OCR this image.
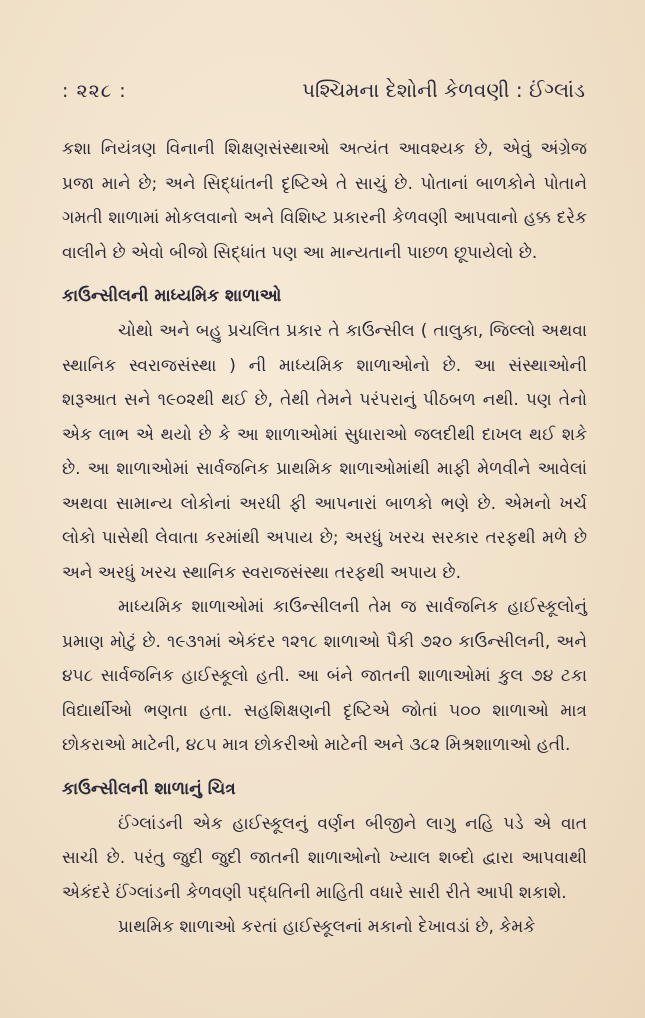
: ૨૨૮ :	પશ્ચિમના દેશોની કેળવણી : ઈંગ્લાંડ

કશા નિયંત્રણ વિનાની શિક્ષણસંસ્થાઓ અત્યંત આવશ્યક છે, એવું અંગ્રેજ પ્રજા માને છે; અને સિદ્ધાંતની દૃષ્ટિએ તે સાચું છે. પોતાનાં બાળકોને પોતાને ગમતી શાળામાં મોકલવાનો અને વિશિષ્ટ પ્રકારની કેળવણી આપવાનો હક્ક દરેક વાલીને છે એવો બીજો સિદ્ધાંત પણ આ માન્યતાની પાછળ છૂપાયેલો છે.

કાઉન્સીલની માધ્યમિક શાળાઓ

ચોથો અને બહુ પ્રચલિત પ્રકાર તે કાઉન્સીલ ( તાલુકા, જિલ્લો અથવા સ્થાનિક સ્વરાજસંસ્થા ) ની માધ્યમિક શાળાઓનો છે. આ સંસ્થાઓની શરૂઆત સને ૧૯૦૨થી થઈ છે, તેથી તેમને પરંપરાનું પીઠબળ નથી. પણ તેનો એક લાભ એ થયો છે કે આ શાળાઓમાં સુધારાઓ જલદીથી દાખલ થઈ શકે છે. આ શાળાઓમાં સાર્વજનિક પ્રાથમિક શાળાઓમાંથી માફી મેળવીને આવેલાં અથવા સામાન્ય લોકોનાં અરધી ફી આપનારાં બાળકો ભણે છે. એમનો ખર્ચ લોકો પાસેથી લેવાતા કરમાંથી અપાય છે; અરધું ખરચ સરકાર તરફથી મળે છે અને અરધું ખરચ સ્થાનિક સ્વરાજસંસ્થા તરફથી અપાય છે.

માધ્યમિક શાળાઓમાં કાઉન્સીલની તેમ જ સાર્વજનિક હાઈસ્કૂલોનું પ્રમાણ મોટું છે. ૧૯૩૧માં એકંદર ૧૨૧૮ શાળાઓ પૈકી ૭૨૦ કાઉન્સીલની, અને ૪૫૮ સાર્વજનિક હાઈસ્કૂલો હતી. આ બંને જાતની શાળાઓમાં કુલ ૭૪ ટકા વિદ્યાર્થીઓ ભણતા હતા. સહશિક્ષણની દૃષ્ટિએ જોતાં ૫૦૦ શાળાઓ માત્ર છોકરાઓ માટેની, ૪૮૫ માત્ર છોકરીઓ માટેની અને ૩૮૨ મિશ્રશાળાઓ હતી.

કાઉન્સીલની શાળાનું ચિત્ર

ઈંગ્લાંડની એક હાઈસ્કૂલનું વર્ણન બીજીને લાગુ નહિ પડે એ વાત સાચી છે. પરંતુ જુદી જુદી જાતની શાળાઓનો ખ્યાલ શબ્દો દ્વારા આપવાથી એકંદરે ઈંગ્લાંડની કેળવણી પદ્ધતિની માહિતી વધારે સારી રીતે આપી શકાશે.

પ્રાથમિક શાળાઓ કરતાં હાઈસ્કૂલનાં મકાનો દેખાવડાં છે, કેમકે
